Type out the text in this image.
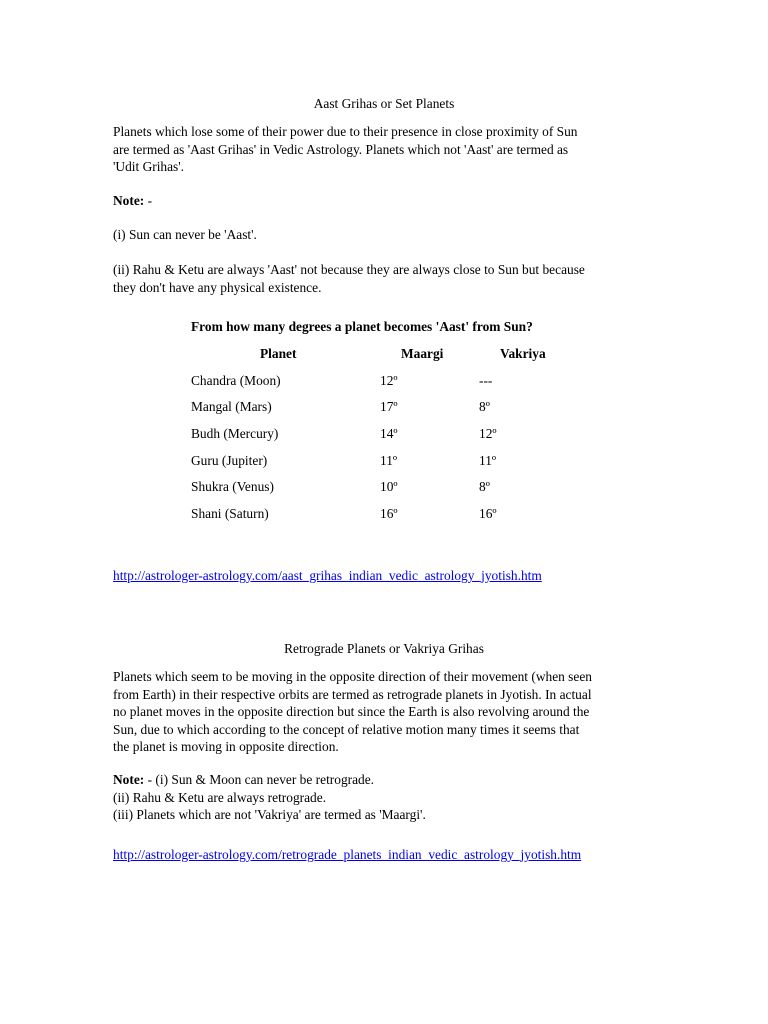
Aast Grihas or Set Planets
Planets which lose some of their power due to their presence in close proximity of Sun
are termed as 'Aast Grihas' in Vedic Astrology. Planets which not 'Aast' are termed as
'Udit Grihas'.
Note: -
(i) Sun can never be 'Aast'.
(ii) Rahu & Ketu are always 'Aast' not because they are always close to Sun but because
they don't have any physical existence.
From how many degrees a planet becomes 'Aast' from Sun?
Planet	Maargi	Vakriya
Chandra (Moon)	12º	---
Mangal (Mars)	17º	8º
Budh (Mercury)	14º	12º
Guru (Jupiter)	11º	11º
Shukra (Venus)	10º	8º
Shani (Saturn)	16º	16º
http://astrologer-astrology.com/aast_grihas_indian_vedic_astrology_jyotish.htm
Retrograde Planets or Vakriya Grihas
Planets which seem to be moving in the opposite direction of their movement (when seen
from Earth) in their respective orbits are termed as retrograde planets in Jyotish. In actual
no planet moves in the opposite direction but since the Earth is also revolving around the
Sun, due to which according to the concept of relative motion many times it seems that
the planet is moving in opposite direction.
Note: - (i) Sun & Moon can never be retrograde.
(ii) Rahu & Ketu are always retrograde.
(iii) Planets which are not 'Vakriya' are termed as 'Maargi'.
http://astrologer-astrology.com/retrograde_planets_indian_vedic_astrology_jyotish.htm
